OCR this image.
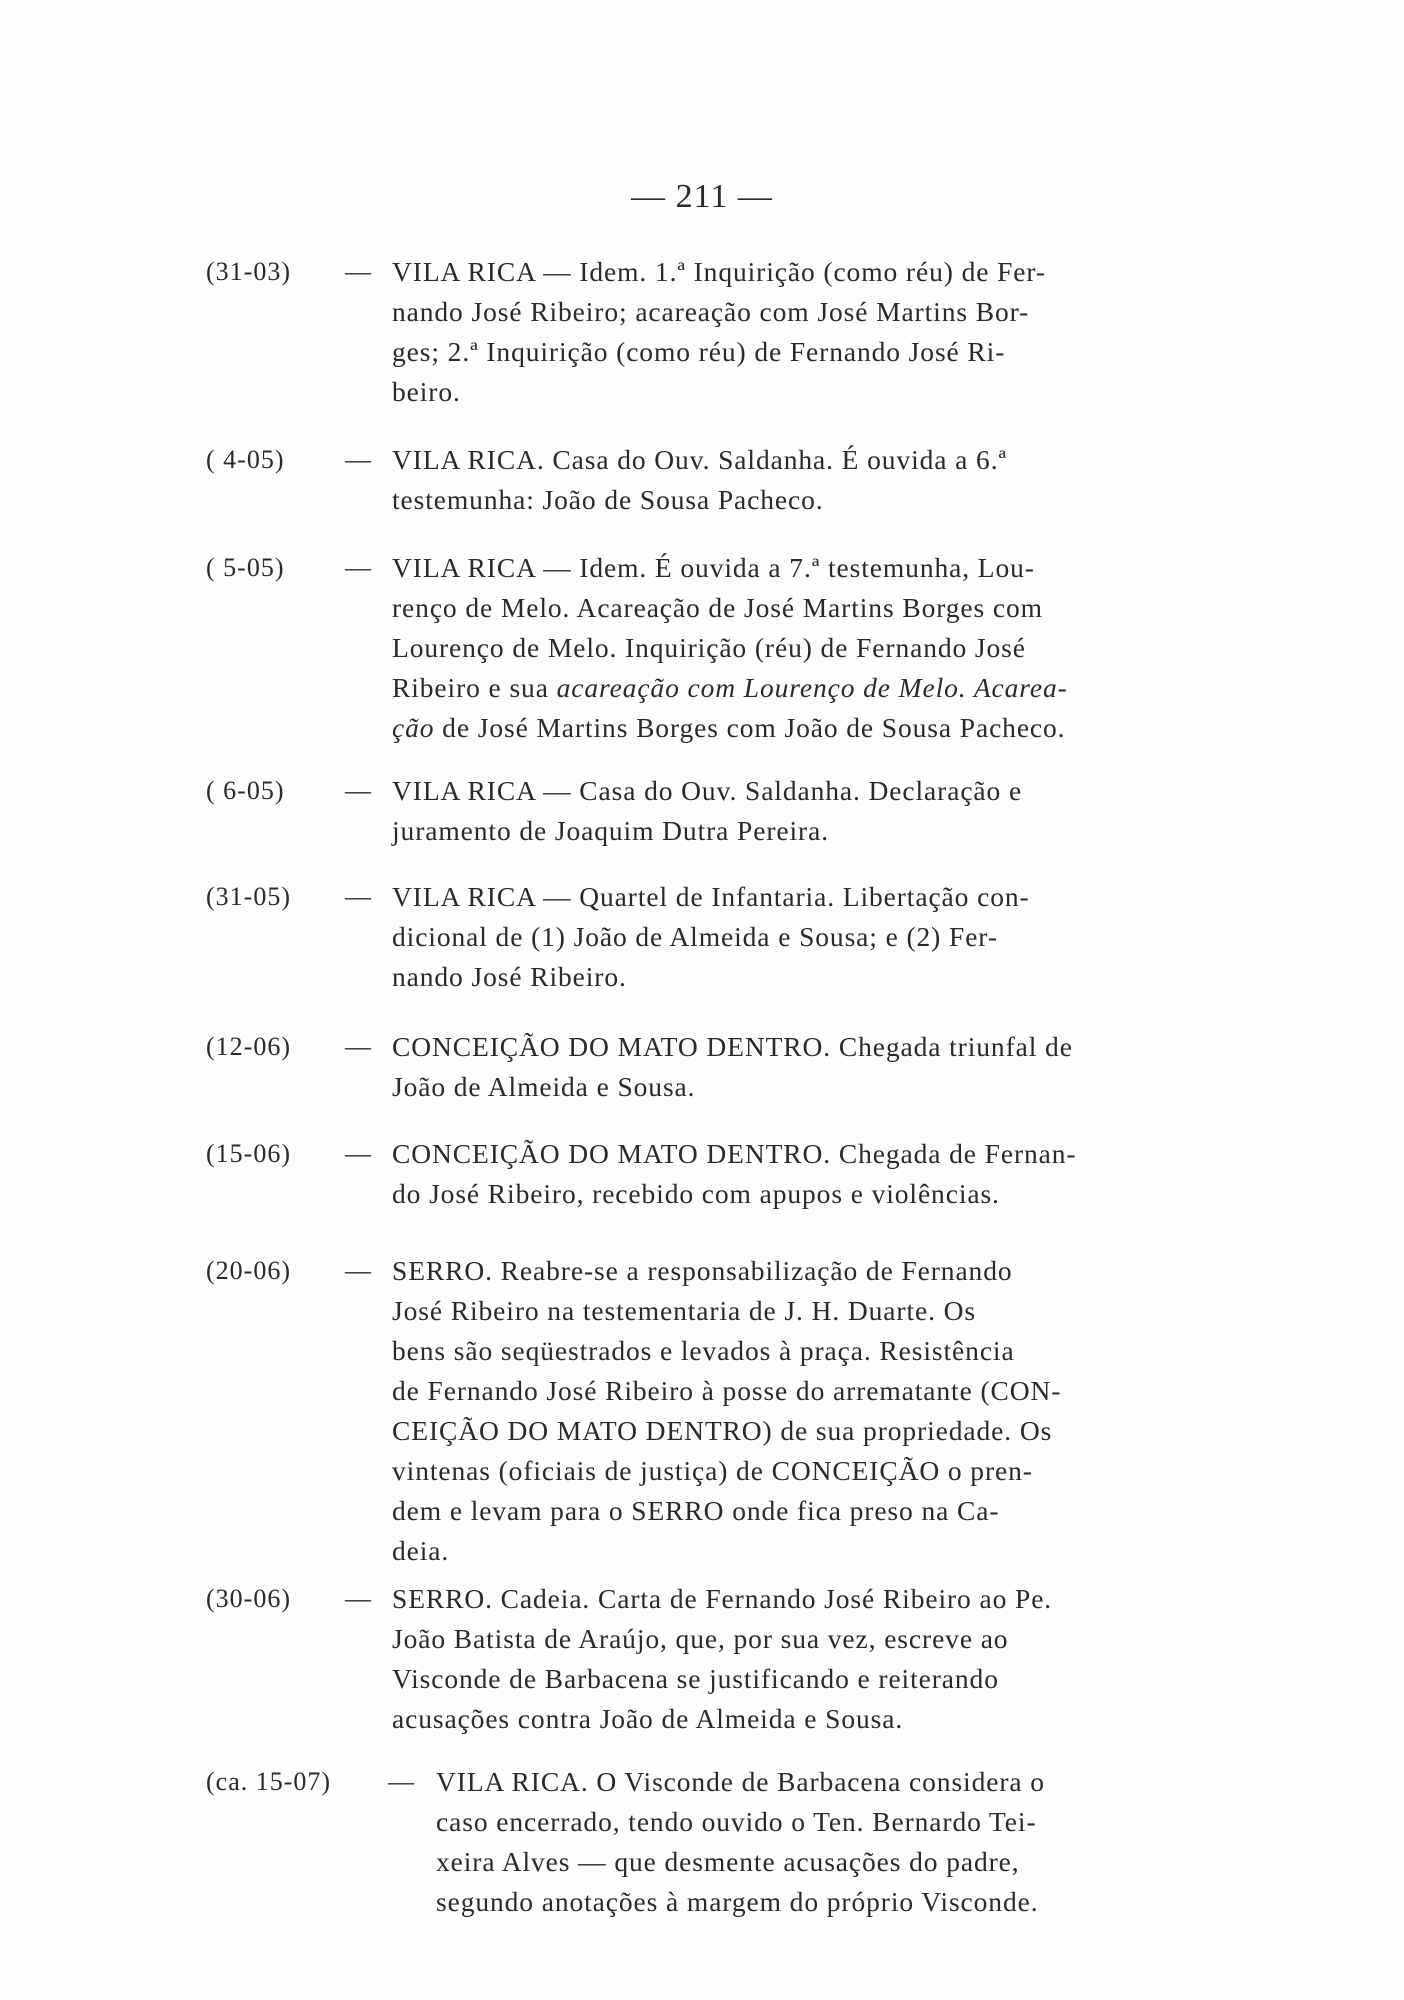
— 211 —
(31-03) — VILA RICA — Idem. 1.ª Inquirição (como réu) de Fer-

nando José Ribeiro; acareação com José Martins Bor-

ges; 2.ª Inquirição (como réu) de Fernando José Ri-

beiro.

( 4-05) — VILA RICA. Casa do Ouv. Saldanha. É ouvida a 6.ª

testemunha: João de Sousa Pacheco.

( 5-05) — VILA RICA — Idem. É ouvida a 7.ª testemunha, Lou-

renço de Melo. Acareação de José Martins Borges com

Lourenço de Melo. Inquirição (réu) de Fernando José

Ribeiro e sua acareação com Lourenço de Melo. Acarea-

ção de José Martins Borges com João de Sousa Pacheco.

( 6-05) — VILA RICA — Casa do Ouv. Saldanha. Declaração e

juramento de Joaquim Dutra Pereira.

(31-05) — VILA RICA — Quartel de Infantaria. Libertação con-

dicional de (1) João de Almeida e Sousa; e (2) Fer-

nando José Ribeiro.

(12-06) — CONCEIÇÃO DO MATO DENTRO. Chegada triunfal de

João de Almeida e Sousa.

(15-06) — CONCEIÇÃO DO MATO DENTRO. Chegada de Fernan-

do José Ribeiro, recebido com apupos e violências.

(20-06) — SERRO. Reabre-se a responsabilização de Fernando

José Ribeiro na testementaria de J. H. Duarte. Os

bens são seqüestrados e levados à praça. Resistência

de Fernando José Ribeiro à posse do arrematante (CON-

CEIÇÃO DO MATO DENTRO) de sua propriedade. Os

vintenas (oficiais de justiça) de CONCEIÇÃO o pren-

dem e levam para o SERRO onde fica preso na Ca-

deia.

(30-06) — SERRO. Cadeia. Carta de Fernando José Ribeiro ao Pe.

João Batista de Araújo, que, por sua vez, escreve ao

Visconde de Barbacena se justificando e reiterando

acusações contra João de Almeida e Sousa.

(ca. 15-07) — VILA RICA. O Visconde de Barbacena considera o

caso encerrado, tendo ouvido o Ten. Bernardo Tei-

xeira Alves — que desmente acusações do padre,

segundo anotações à margem do próprio Visconde.
